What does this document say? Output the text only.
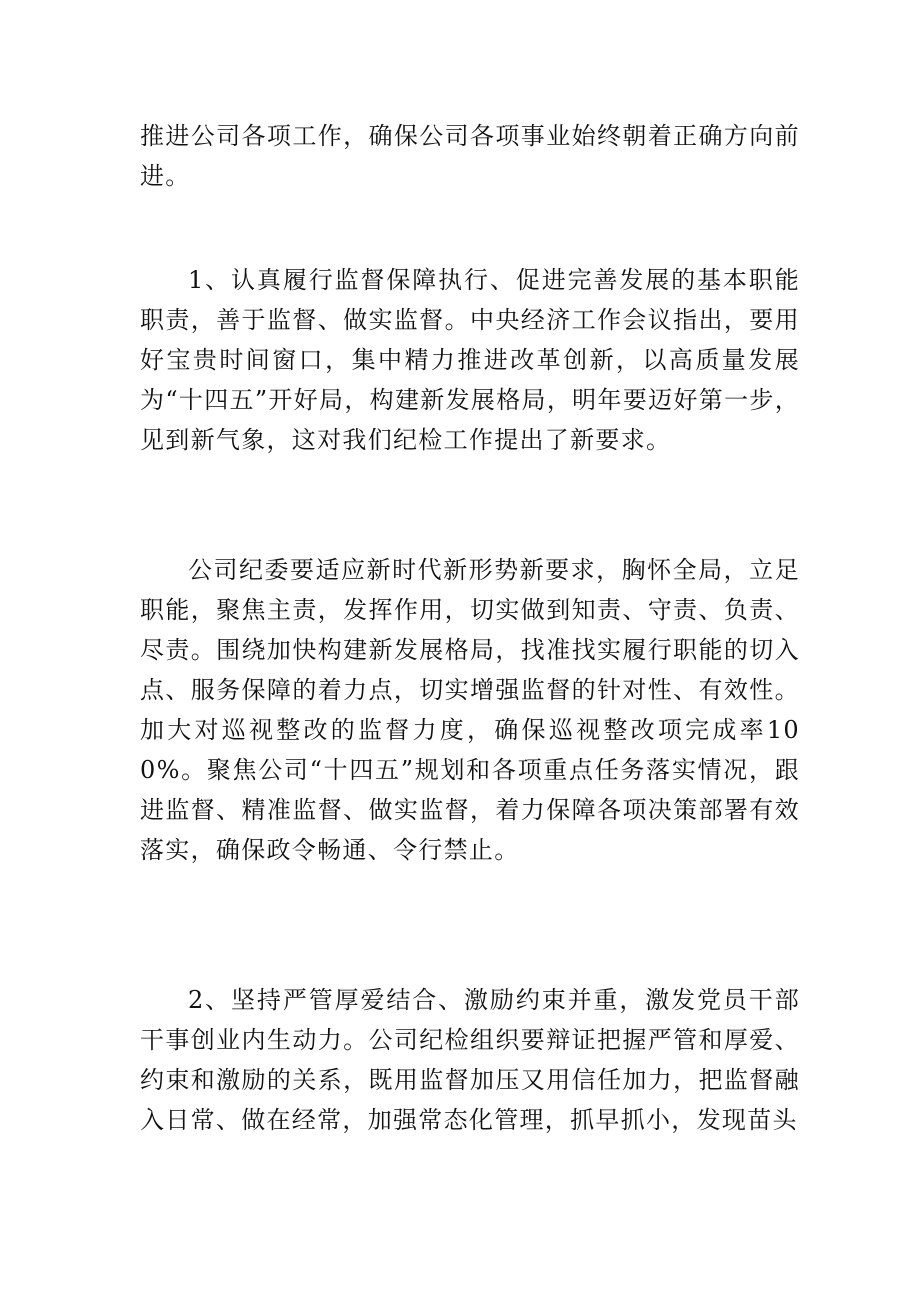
推进公司各项工作，确保公司各项事业始终朝着正确方向前进。

1、认真履行监督保障执行、促进完善发展的基本职能职责，善于监督、做实监督。中央经济工作会议指出，要用好宝贵时间窗口，集中精力推进改革创新，以高质量发展为“十四五”开好局，构建新发展格局，明年要迈好第一步，见到新气象，这对我们纪检工作提出了新要求。

公司纪委要适应新时代新形势新要求，胸怀全局，立足职能，聚焦主责，发挥作用，切实做到知责、守责、负责、尽责。围绕加快构建新发展格局，找准找实履行职能的切入点、服务保障的着力点，切实增强监督的针对性、有效性。加大对巡视整改的监督力度，确保巡视整改项完成率100%。聚焦公司“十四五”规划和各项重点任务落实情况，跟进监督、精准监督、做实监督，着力保障各项决策部署有效落实，确保政令畅通、令行禁止。

2、坚持严管厚爱结合、激励约束并重，激发党员干部干事创业内生动力。公司纪检组织要辩证把握严管和厚爱、约束和激励的关系，既用监督加压又用信任加力，把监督融入日常、做在经常，加强常态化管理，抓早抓小，发现苗头
